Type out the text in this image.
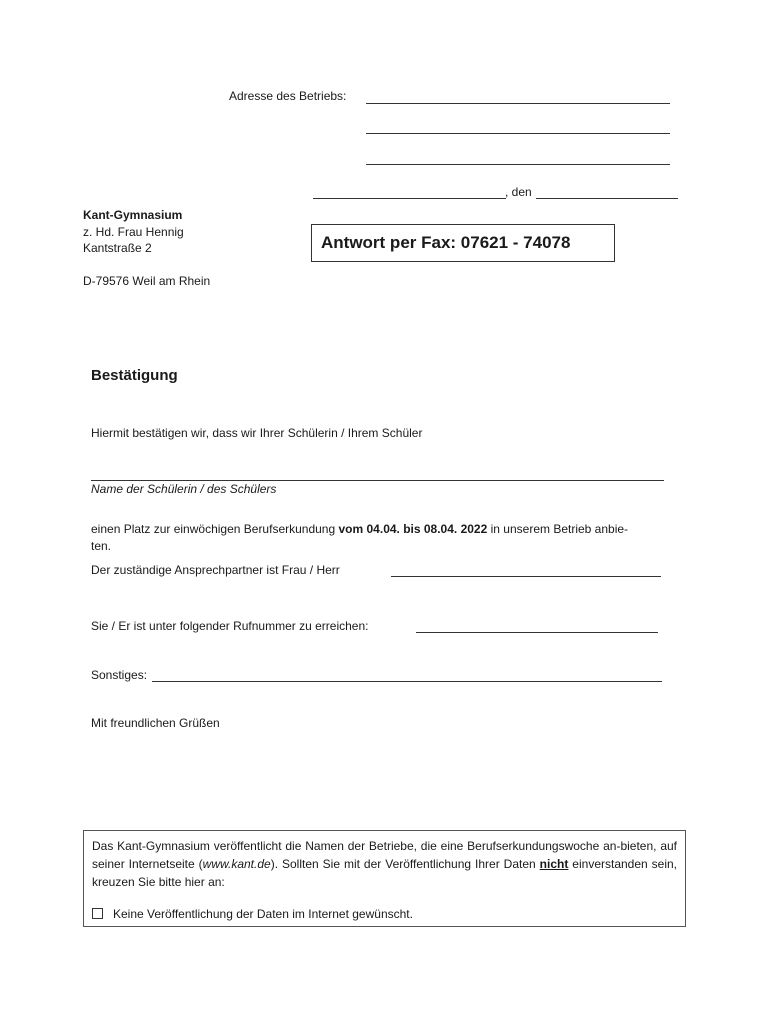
Adresse des Betriebs:
, den
Kant-Gymnasium
z. Hd. Frau Hennig
Kantstraße 2
D-79576 Weil am Rhein
Antwort per Fax: 07621 - 74078
Bestätigung
Hiermit bestätigen wir, dass wir Ihrer Schülerin / Ihrem Schüler
Name der Schülerin / des Schülers
einen Platz zur einwöchigen Berufserkundung vom 04.04. bis 08.04. 2022 in unserem Betrieb anbie-
ten.
Der zuständige Ansprechpartner ist Frau / Herr
Sie / Er ist unter folgender Rufnummer zu erreichen:
Sonstiges:
Mit freundlichen Grüßen
Das Kant-Gymnasium veröffentlicht die Namen der Betriebe, die eine Berufserkundungswoche an-bieten, auf seiner Internetseite (www.kant.de). Sollten Sie mit der Veröffentlichung Ihrer Daten nicht einverstanden sein, kreuzen Sie bitte hier an:
Keine Veröffentlichung der Daten im Internet gewünscht.
